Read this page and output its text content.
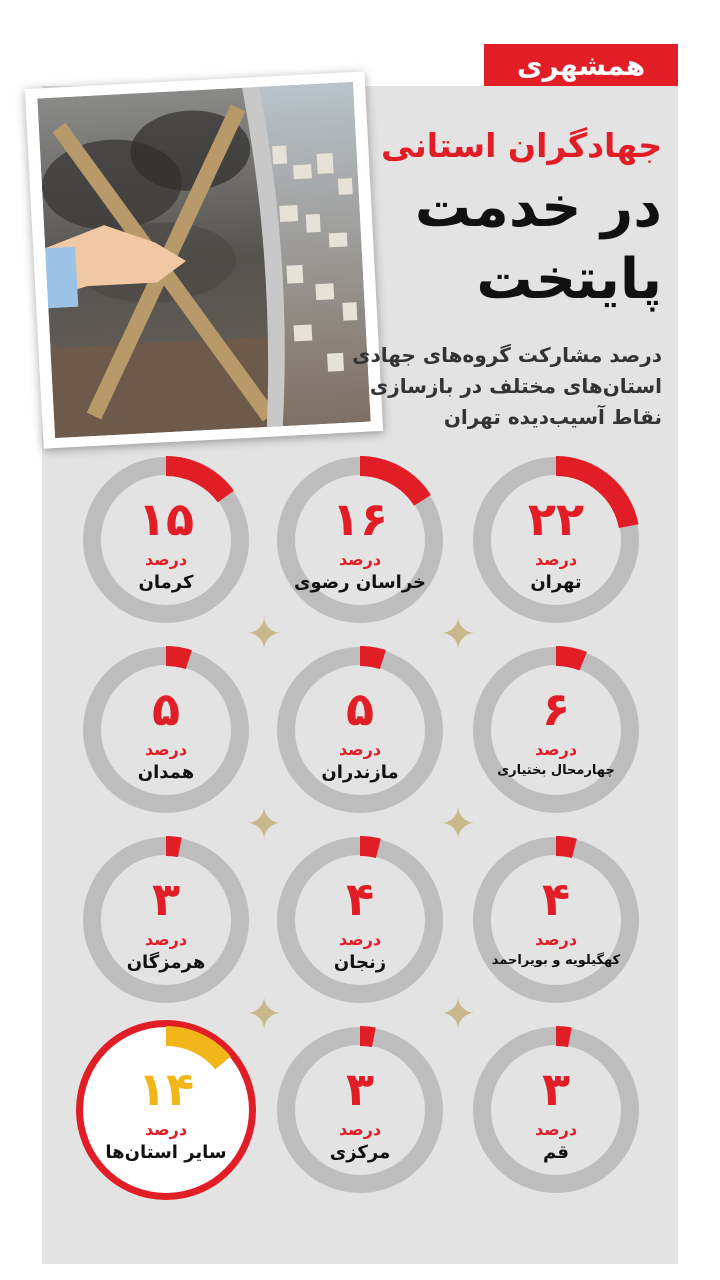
همشهری
جهادگران استانی
در خدمت
پایتخت
درصد مشارکت گروه‌های جهادی استان‌های مختلف در بازسازی نقاط آسیب‌دیده تهران
✦
✦
✦
✦
✦
✦
۲۲
درصد
تهران
۱۶
درصد
خراسان رضوی
۱۵
درصد
کرمان
۶
درصد
چهارمحال بختیاری
۵
درصد
مازندران
۵
درصد
همدان
۴
درصد
کهگیلویه و بویراحمد
۴
درصد
زنجان
۳
درصد
هرمزگان
۳
درصد
قم
۳
درصد
مرکزی
۱۴
درصد
سایر استان‌ها
